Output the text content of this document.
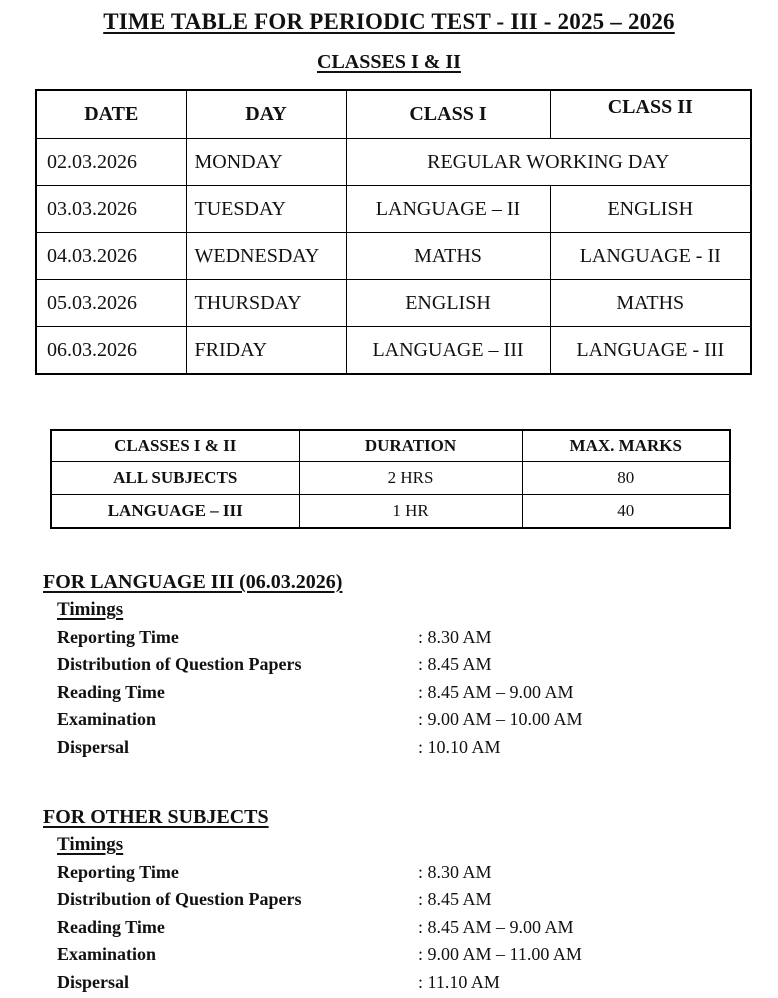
TIME TABLE FOR PERIODIC TEST - III - 2025 – 2026
CLASSES I & II
DATE	DAY	CLASS I	CLASS II
02.03.2026	MONDAY	REGULAR WORKING DAY	
03.03.2026	TUESDAY	LANGUAGE – II	ENGLISH
04.03.2026	WEDNESDAY	MATHS	LANGUAGE - II
05.03.2026	THURSDAY	ENGLISH	MATHS
06.03.2026	FRIDAY	LANGUAGE – III	LANGUAGE - III
CLASSES I & II	DURATION	MAX. MARKS
ALL SUBJECTS	2 HRS	80
LANGUAGE – III	1 HR	40
FOR LANGUAGE III (06.03.2026)
Timings
Reporting Time	: 8.30 AM
Distribution of Question Papers	: 8.45 AM
Reading Time	: 8.45 AM – 9.00 AM
Examination	: 9.00 AM – 10.00 AM
Dispersal	: 10.10 AM
FOR OTHER SUBJECTS
Timings
Reporting Time	: 8.30 AM
Distribution of Question Papers	: 8.45 AM
Reading Time	: 8.45 AM – 9.00 AM
Examination	: 9.00 AM – 11.00 AM
Dispersal	: 11.10 AM
